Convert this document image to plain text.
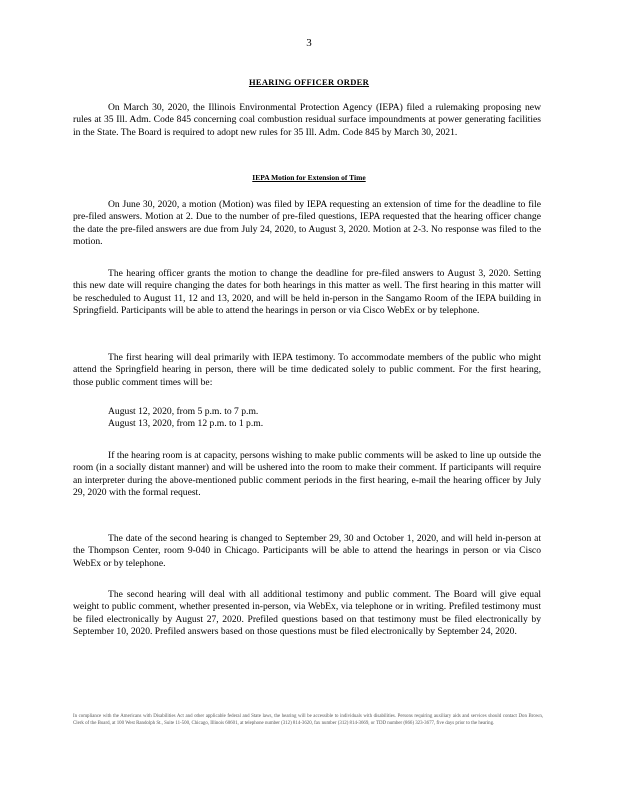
3
HEARING OFFICER ORDER

On March 30, 2020, the Illinois Environmental Protection Agency (IEPA) filed a rulemaking proposing new rules at 35 Ill. Adm. Code 845 concerning coal combustion residual surface impoundments at power generating facilities in the State. The Board is required to adopt new rules for 35 Ill. Adm. Code 845 by March 30, 2021.

IEPA Motion for Extension of Time

On June 30, 2020, a motion (Motion) was filed by IEPA requesting an extension of time for the deadline to file pre-filed answers. Motion at 2. Due to the number of pre-filed questions, IEPA requested that the hearing officer change the date the pre-filed answers are due from July 24, 2020, to August 3, 2020. Motion at 2-3. No response was filed to the motion.

The hearing officer grants the motion to change the deadline for pre-filed answers to August 3, 2020. Setting this new date will require changing the dates for both hearings in this matter as well. The first hearing in this matter will be rescheduled to August 11, 12 and 13, 2020, and will be held in-person in the Sangamo Room of the IEPA building in Springfield. Participants will be able to attend the hearings in person or via Cisco WebEx or by telephone.

The first hearing will deal primarily with IEPA testimony. To accommodate members of the public who might attend the Springfield hearing in person, there will be time dedicated solely to public comment. For the first hearing, those public comment times will be:

August 12, 2020, from 5 p.m. to 7 p.m.
August 13, 2020, from 12 p.m. to 1 p.m.

If the hearing room is at capacity, persons wishing to make public comments will be asked to line up outside the room (in a socially distant manner) and will be ushered into the room to make their comment. If participants will require an interpreter during the above-mentioned public comment periods in the first hearing, e-mail the hearing officer by July 29, 2020 with the formal request.

The date of the second hearing is changed to September 29, 30 and October 1, 2020, and will held in-person at the Thompson Center, room 9-040 in Chicago. Participants will be able to attend the hearings in person or via Cisco WebEx or by telephone.

The second hearing will deal with all additional testimony and public comment. The Board will give equal weight to public comment, whether presented in-person, via WebEx, via telephone or in writing. Prefiled testimony must be filed electronically by August 27, 2020. Prefiled questions based on that testimony must be filed electronically by September 10, 2020. Prefiled answers based on those questions must be filed electronically by September 24, 2020.

In compliance with the Americans with Disabilities Act and other applicable federal and State laws, the hearing will be accessible to individuals with disabilities. Persons requiring auxiliary aids and services should contact Don Brown, Clerk of the Board, at 100 West Randolph St., Suite 11-500, Chicago, Illinois 60601, at telephone number (312) 814-3620, fax number (312) 814-3669, or TDD number (866) 323-3677, five days prior to the hearing.
